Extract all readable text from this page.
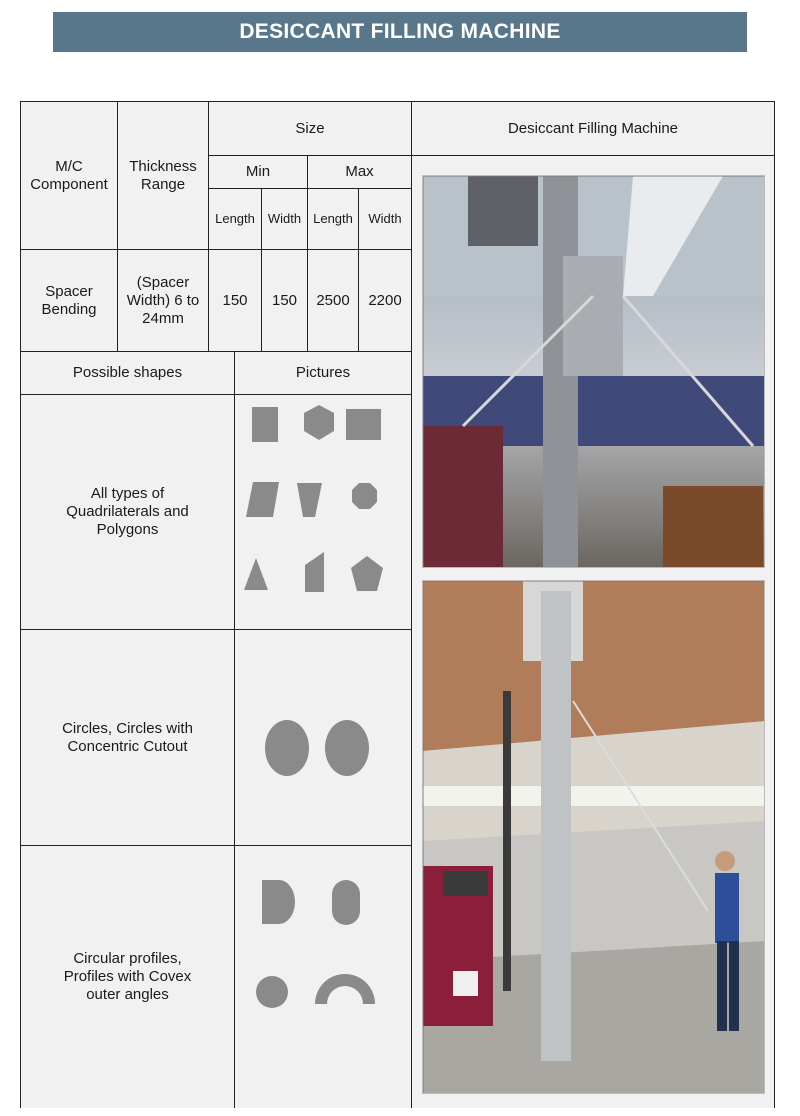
DESICCANT FILLING MACHINE
M/C Component
Thickness Range
Size
Min	Max
Length Width Length Width
Spacer Bending
(Spacer Width) 6 to 24mm
150 150 2500 2200
Possible shapes	Pictures
All types of Quadrilaterals and Polygons
Circles, Circles with Concentric Cutout
Circular profiles, Profiles with Covex outer angles
Desiccant Filling Machine
